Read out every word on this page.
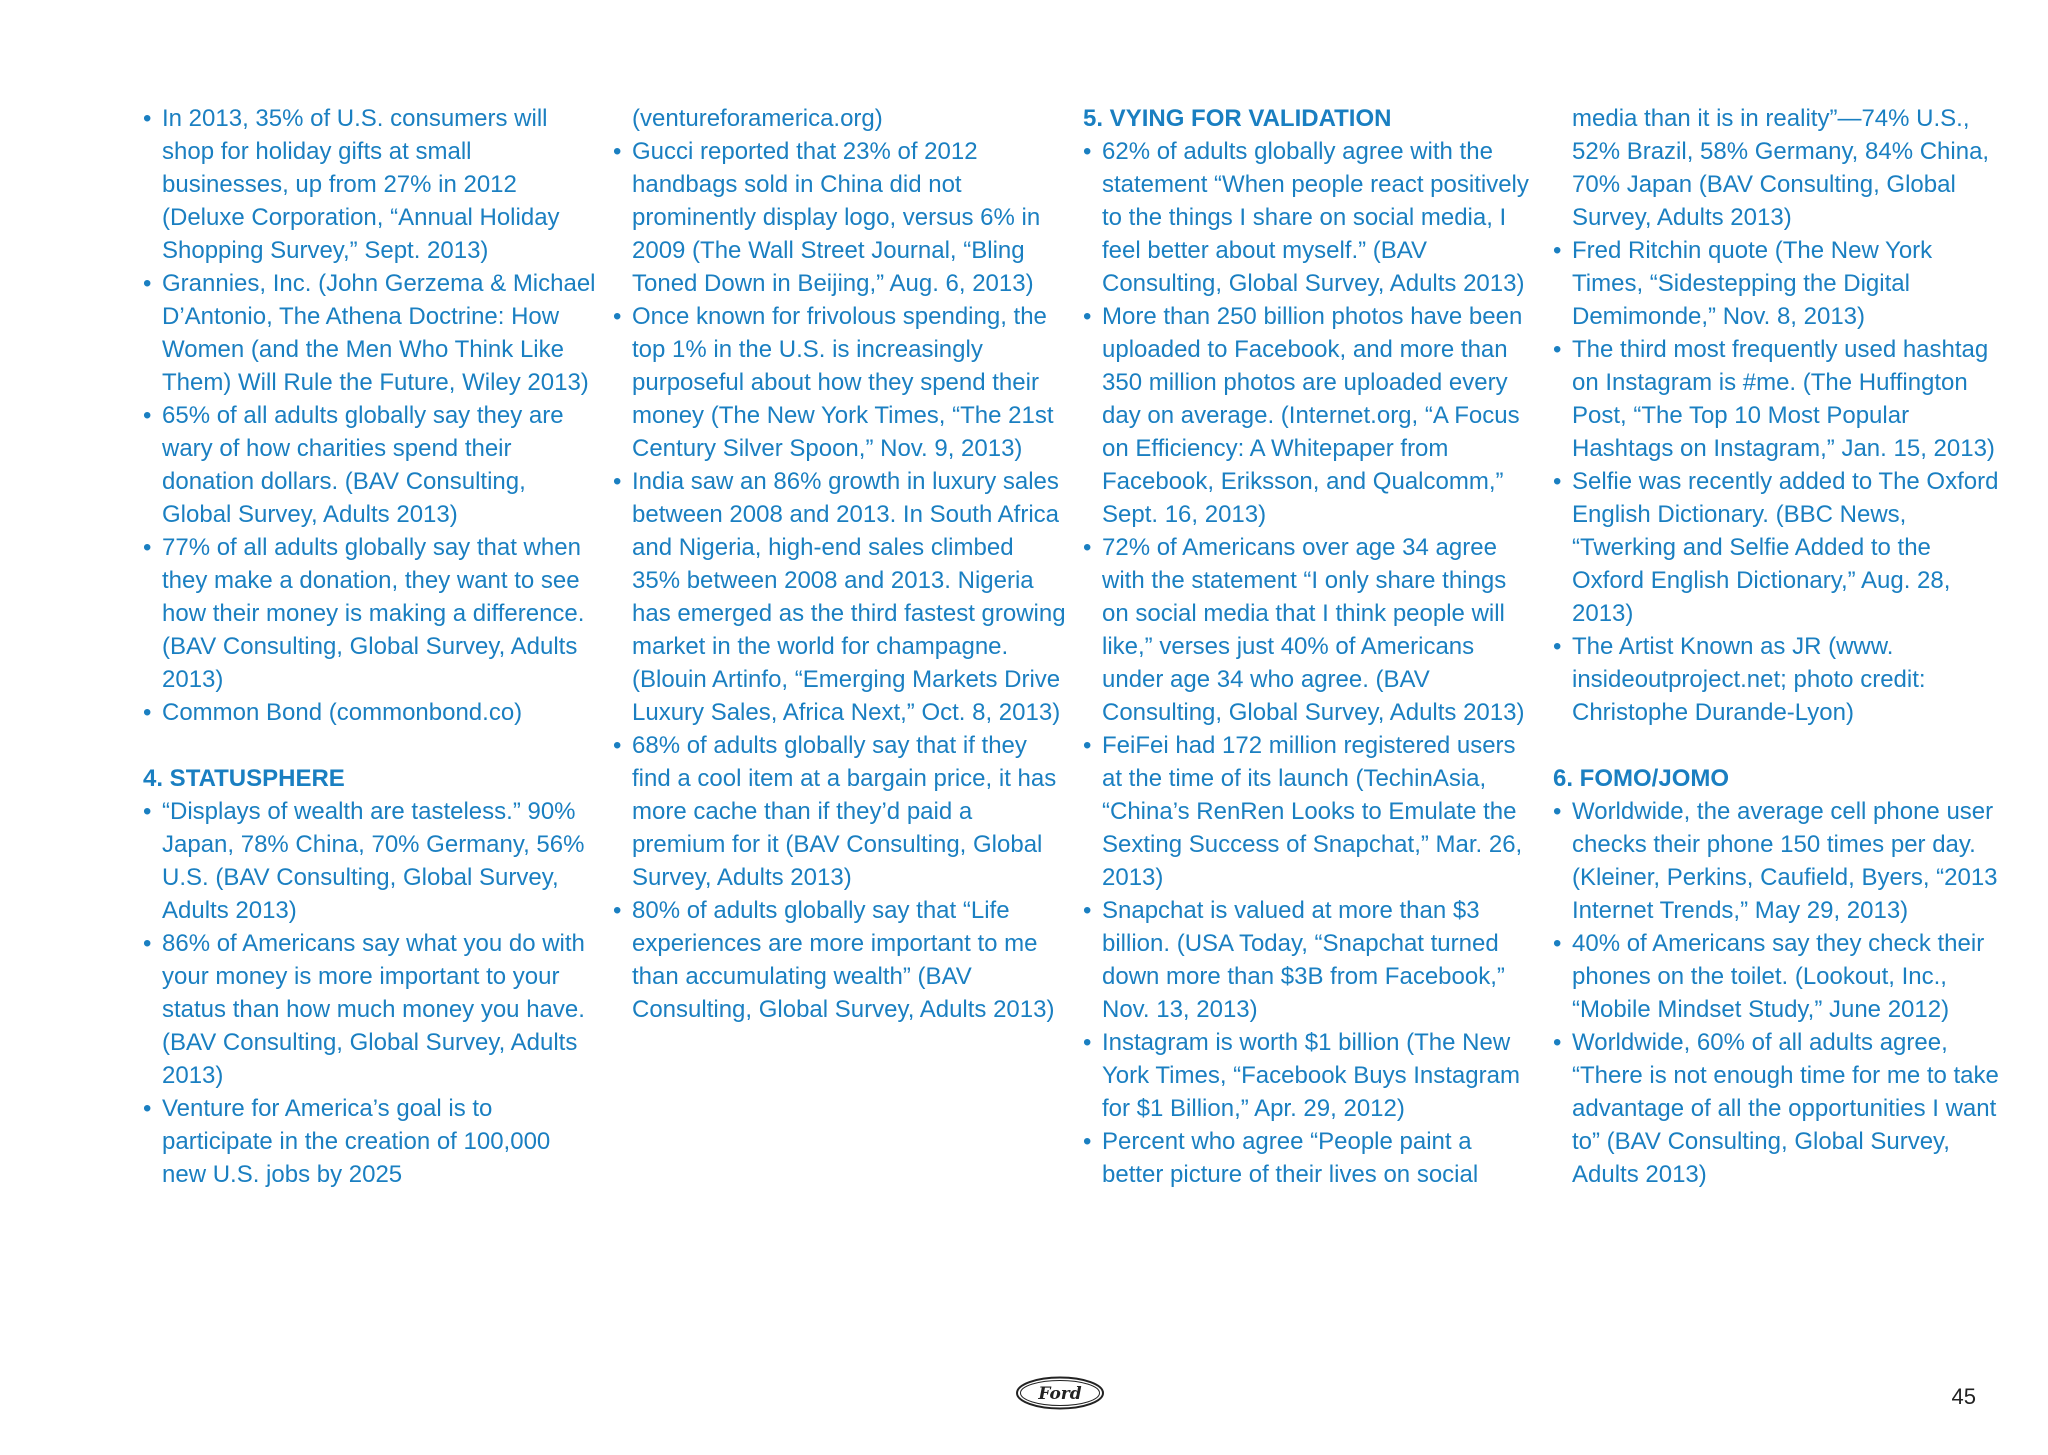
• In 2013, 35% of U.S. consumers will shop for holiday gifts at small businesses, up from 27% in 2012 (Deluxe Corporation, “Annual Holiday Shopping Survey,” Sept. 2013)
• Grannies, Inc. (John Gerzema & Michael D’Antonio, The Athena Doctrine: How Women (and the Men Who Think Like Them) Will Rule the Future, Wiley 2013)
• 65% of all adults globally say they are wary of how charities spend their donation dollars. (BAV Consulting, Global Survey, Adults 2013)
• 77% of all adults globally say that when they make a donation, they want to see how their money is making a difference. (BAV Consulting, Global Survey, Adults 2013)
• Common Bond (commonbond.co)
4. STATUSPHERE
• “Displays of wealth are tasteless.” 90% Japan, 78% China, 70% Germany, 56% U.S. (BAV Consulting, Global Survey, Adults 2013)
• 86% of Americans say what you do with your money is more important to your status than how much money you have. (BAV Consulting, Global Survey, Adults 2013)
• Venture for America’s goal is to participate in the creation of 100,000 new U.S. jobs by 2025
(ventureforamerica.org)
• Gucci reported that 23% of 2012 handbags sold in China did not prominently display logo, versus 6% in 2009 (The Wall Street Journal, “Bling Toned Down in Beijing,” Aug. 6, 2013)
• Once known for frivolous spending, the top 1% in the U.S. is increasingly purposeful about how they spend their money (The New York Times, “The 21st Century Silver Spoon,” Nov. 9, 2013)
• India saw an 86% growth in luxury sales between 2008 and 2013. In South Africa and Nigeria, high-end sales climbed 35% between 2008 and 2013. Nigeria has emerged as the third fastest growing market in the world for champagne. (Blouin Artinfo, “Emerging Markets Drive Luxury Sales, Africa Next,” Oct. 8, 2013)
• 68% of adults globally say that if they find a cool item at a bargain price, it has more cache than if they’d paid a premium for it (BAV Consulting, Global Survey, Adults 2013)
• 80% of adults globally say that “Life experiences are more important to me than accumulating wealth” (BAV Consulting, Global Survey, Adults 2013)
5. VYING FOR VALIDATION
• 62% of adults globally agree with the statement “When people react positively to the things I share on social media, I feel better about myself.” (BAV Consulting, Global Survey, Adults 2013)
• More than 250 billion photos have been uploaded to Facebook, and more than 350 million photos are uploaded every day on average. (Internet.org, “A Focus on Efficiency: A Whitepaper from Facebook, Eriksson, and Qualcomm,” Sept. 16, 2013)
• 72% of Americans over age 34 agree with the statement “I only share things on social media that I think people will like,” verses just 40% of Americans under age 34 who agree. (BAV Consulting, Global Survey, Adults 2013)
• FeiFei had 172 million registered users at the time of its launch (TechinAsia, “China’s RenRen Looks to Emulate the Sexting Success of Snapchat,” Mar. 26, 2013)
• Snapchat is valued at more than $3 billion. (USA Today, “Snapchat turned down more than $3B from Facebook,” Nov. 13, 2013)
• Instagram is worth $1 billion (The New York Times, “Facebook Buys Instagram for $1 Billion,” Apr. 29, 2012)
• Percent who agree “People paint a better picture of their lives on social
media than it is in reality”—74% U.S., 52% Brazil, 58% Germany, 84% China, 70% Japan (BAV Consulting, Global Survey, Adults 2013)
• Fred Ritchin quote (The New York Times, “Sidestepping the Digital Demimonde,” Nov. 8, 2013)
• The third most frequently used hashtag on Instagram is #me. (The Huffington Post, “The Top 10 Most Popular Hashtags on Instagram,” Jan. 15, 2013)
• Selfie was recently added to The Oxford English Dictionary. (BBC News, “Twerking and Selfie Added to the Oxford English Dictionary,” Aug. 28, 2013)
• The Artist Known as JR (www. insideoutproject.net; photo credit: Christophe Durande-Lyon)
6. FOMO/JOMO
• Worldwide, the average cell phone user checks their phone 150 times per day. (Kleiner, Perkins, Caufield, Byers, “2013 Internet Trends,” May 29, 2013)
• 40% of Americans say they check their phones on the toilet. (Lookout, Inc., “Mobile Mindset Study,” June 2012)
• Worldwide, 60% of all adults agree, “There is not enough time for me to take advantage of all the opportunities I want to” (BAV Consulting, Global Survey, Adults 2013)
Ford	45
